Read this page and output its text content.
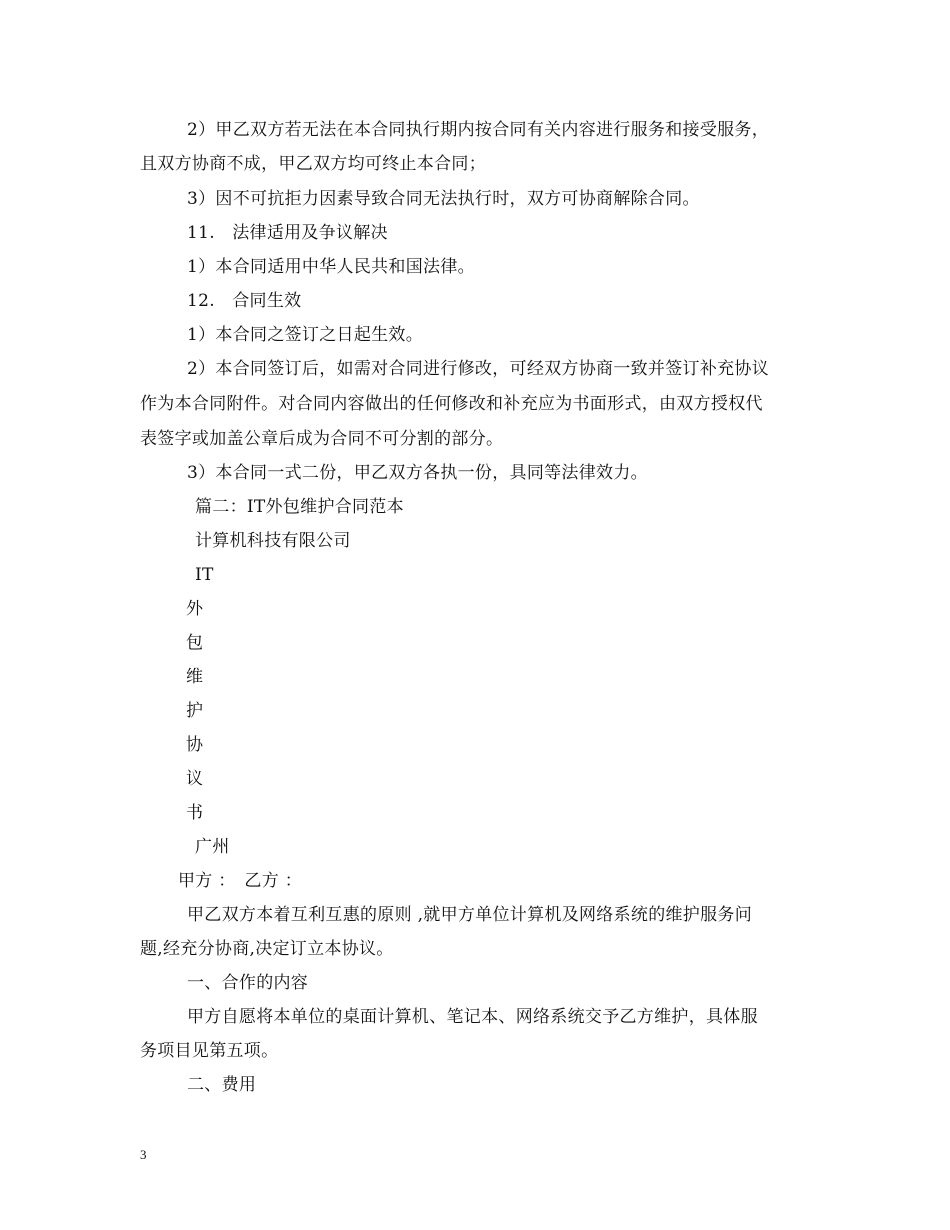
2）甲乙双方若无法在本合同执行期内按合同有关内容进行服务和接受服务，
且双方协商不成，甲乙双方均可终止本合同；
3）因不可抗拒力因素导致合同无法执行时，双方可协商解除合同。
11.　法律适用及争议解决
1）本合同适用中华人民共和国法律。
12.　合同生效
1）本合同之签订之日起生效。
2）本合同签订后，如需对合同进行修改，可经双方协商一致并签订补充协议
作为本合同附件。对合同内容做出的任何修改和补充应为书面形式，由双方授权代
表签字或加盖公章后成为合同不可分割的部分。
3）本合同一式二份，甲乙双方各执一份，具同等法律效力。
篇二：IT外包维护合同范本
计算机科技有限公司
IT
外
包
维
护
协
议
书
广州
甲方 ：　乙方 ：
甲乙双方本着互利互惠的原则 ,就甲方单位计算机及网络系统的维护服务问
题,经充分协商,决定订立本协议。
一、合作的内容
甲方自愿将本单位的桌面计算机、笔记本、网络系统交予乙方维护，具体服
务项目见第五项。
二、费用
3
